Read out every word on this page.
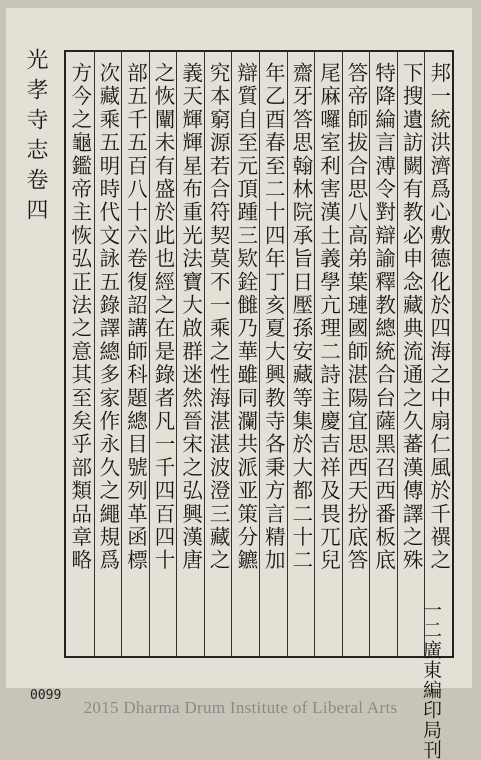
邦一統洪濟爲心敷德化於四海之中扇仁風於千禩之
下搜遺訪闕有教必申念藏典流通之久蕃漢傳譯之殊
特降綸言溥令對辯諭釋教總統合台薩黑召西番板底
答帝師拔合思八高弟葉璉國師湛陽宜思西天扮底答
尾麻囉室利害漢土義學亢理二詩主慶吉祥及畏兀兒
齋牙答思翰林院承旨日壓孫安藏等集於大都二十二
年乙酉春至二十四年丁亥夏大興教寺各秉方言精加
辯質自至元頂踵三欵銓雠乃華雖同瀾共派亚策分鑣
究本窮源若合符契莫不一乘之性海湛湛波澄三藏之
義天輝輝星布重光法寶大啟群迷然晉宋之弘興漢唐
之恢闡未有盛於此也經之在是錄者凡一千四百四十
部五千五百八十六卷復詔講師科題總目號列革函標
次藏乘五明時代文詠五錄譯總多家作永久之繩規爲
方今之龜鑑帝主恢弘正法之意其至矣乎部類品章略
光孝寺志卷四
一二廣東編印局刊
0099
2015 Dharma Drum Institute of Liberal Arts
